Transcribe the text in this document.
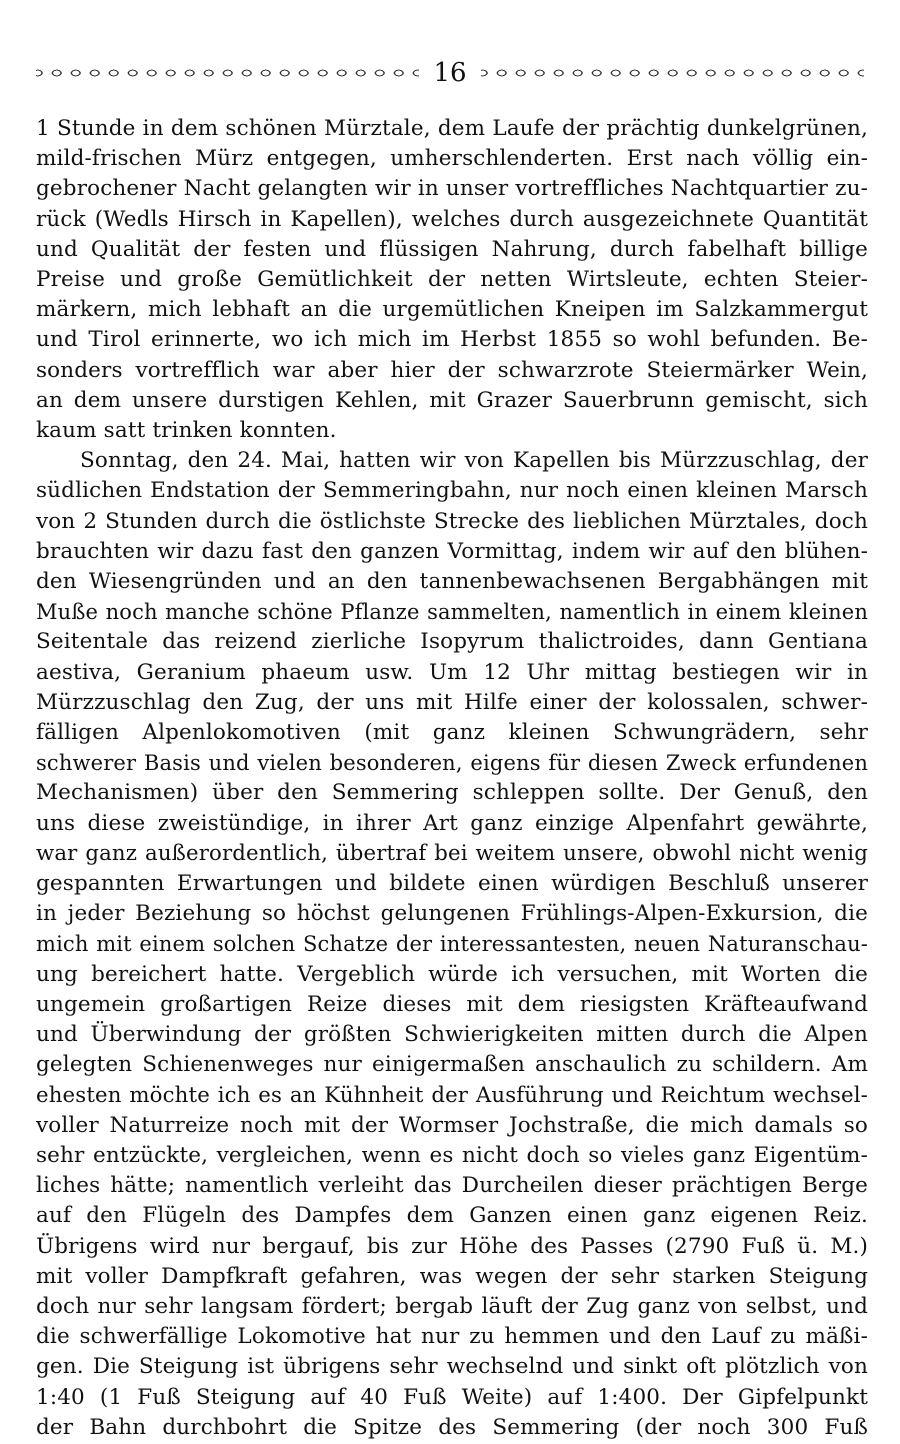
16
1 Stunde in dem schönen Mürztale, dem Laufe der prächtig dunkelgrünen,
mild-frischen Mürz entgegen, umherschlenderten. Erst nach völlig ein-
gebrochener Nacht gelangten wir in unser vortreffliches Nachtquartier zu-
rück (Wedls Hirsch in Kapellen), welches durch ausgezeichnete Quantität
und Qualität der festen und flüssigen Nahrung, durch fabelhaft billige
Preise und große Gemütlichkeit der netten Wirtsleute, echten Steier-
märkern, mich lebhaft an die urgemütlichen Kneipen im Salzkammergut
und Tirol erinnerte, wo ich mich im Herbst 1855 so wohl befunden. Be-
sonders vortrefflich war aber hier der schwarzrote Steiermärker Wein,
an dem unsere durstigen Kehlen, mit Grazer Sauerbrunn gemischt, sich
kaum satt trinken konnten.
Sonntag, den 24. Mai, hatten wir von Kapellen bis Mürzzuschlag, der
südlichen Endstation der Semmeringbahn, nur noch einen kleinen Marsch
von 2 Stunden durch die östlichste Strecke des lieblichen Mürztales, doch
brauchten wir dazu fast den ganzen Vormittag, indem wir auf den blühen-
den Wiesengründen und an den tannenbewachsenen Bergabhängen mit
Muße noch manche schöne Pflanze sammelten, namentlich in einem kleinen
Seitentale das reizend zierliche Isopyrum thalictroides, dann Gentiana
aestiva, Geranium phaeum usw. Um 12 Uhr mittag bestiegen wir in
Mürzzuschlag den Zug, der uns mit Hilfe einer der kolossalen, schwer-
fälligen Alpenlokomotiven (mit ganz kleinen Schwungrädern, sehr
schwerer Basis und vielen besonderen, eigens für diesen Zweck erfundenen
Mechanismen) über den Semmering schleppen sollte. Der Genuß, den
uns diese zweistündige, in ihrer Art ganz einzige Alpenfahrt gewährte,
war ganz außerordentlich, übertraf bei weitem unsere, obwohl nicht wenig
gespannten Erwartungen und bildete einen würdigen Beschluß unserer
in jeder Beziehung so höchst gelungenen Frühlings-Alpen-Exkursion, die
mich mit einem solchen Schatze der interessantesten, neuen Naturanschau-
ung bereichert hatte. Vergeblich würde ich versuchen, mit Worten die
ungemein großartigen Reize dieses mit dem riesigsten Kräfteaufwand
und Überwindung der größten Schwierigkeiten mitten durch die Alpen
gelegten Schienenweges nur einigermaßen anschaulich zu schildern. Am
ehesten möchte ich es an Kühnheit der Ausführung und Reichtum wechsel-
voller Naturreize noch mit der Wormser Jochstraße, die mich damals so
sehr entzückte, vergleichen, wenn es nicht doch so vieles ganz Eigentüm-
liches hätte; namentlich verleiht das Durcheilen dieser prächtigen Berge
auf den Flügeln des Dampfes dem Ganzen einen ganz eigenen Reiz.
Übrigens wird nur bergauf, bis zur Höhe des Passes (2790 Fuß ü. M.)
mit voller Dampfkraft gefahren, was wegen der sehr starken Steigung
doch nur sehr langsam fördert; bergab läuft der Zug ganz von selbst, und
die schwerfällige Lokomotive hat nur zu hemmen und den Lauf zu mäßi-
gen. Die Steigung ist übrigens sehr wechselnd und sinkt oft plötzlich von
1:40 (1 Fuß Steigung auf 40 Fuß Weite) auf 1:400. Der Gipfelpunkt
der Bahn durchbohrt die Spitze des Semmering (der noch 300 Fuß
